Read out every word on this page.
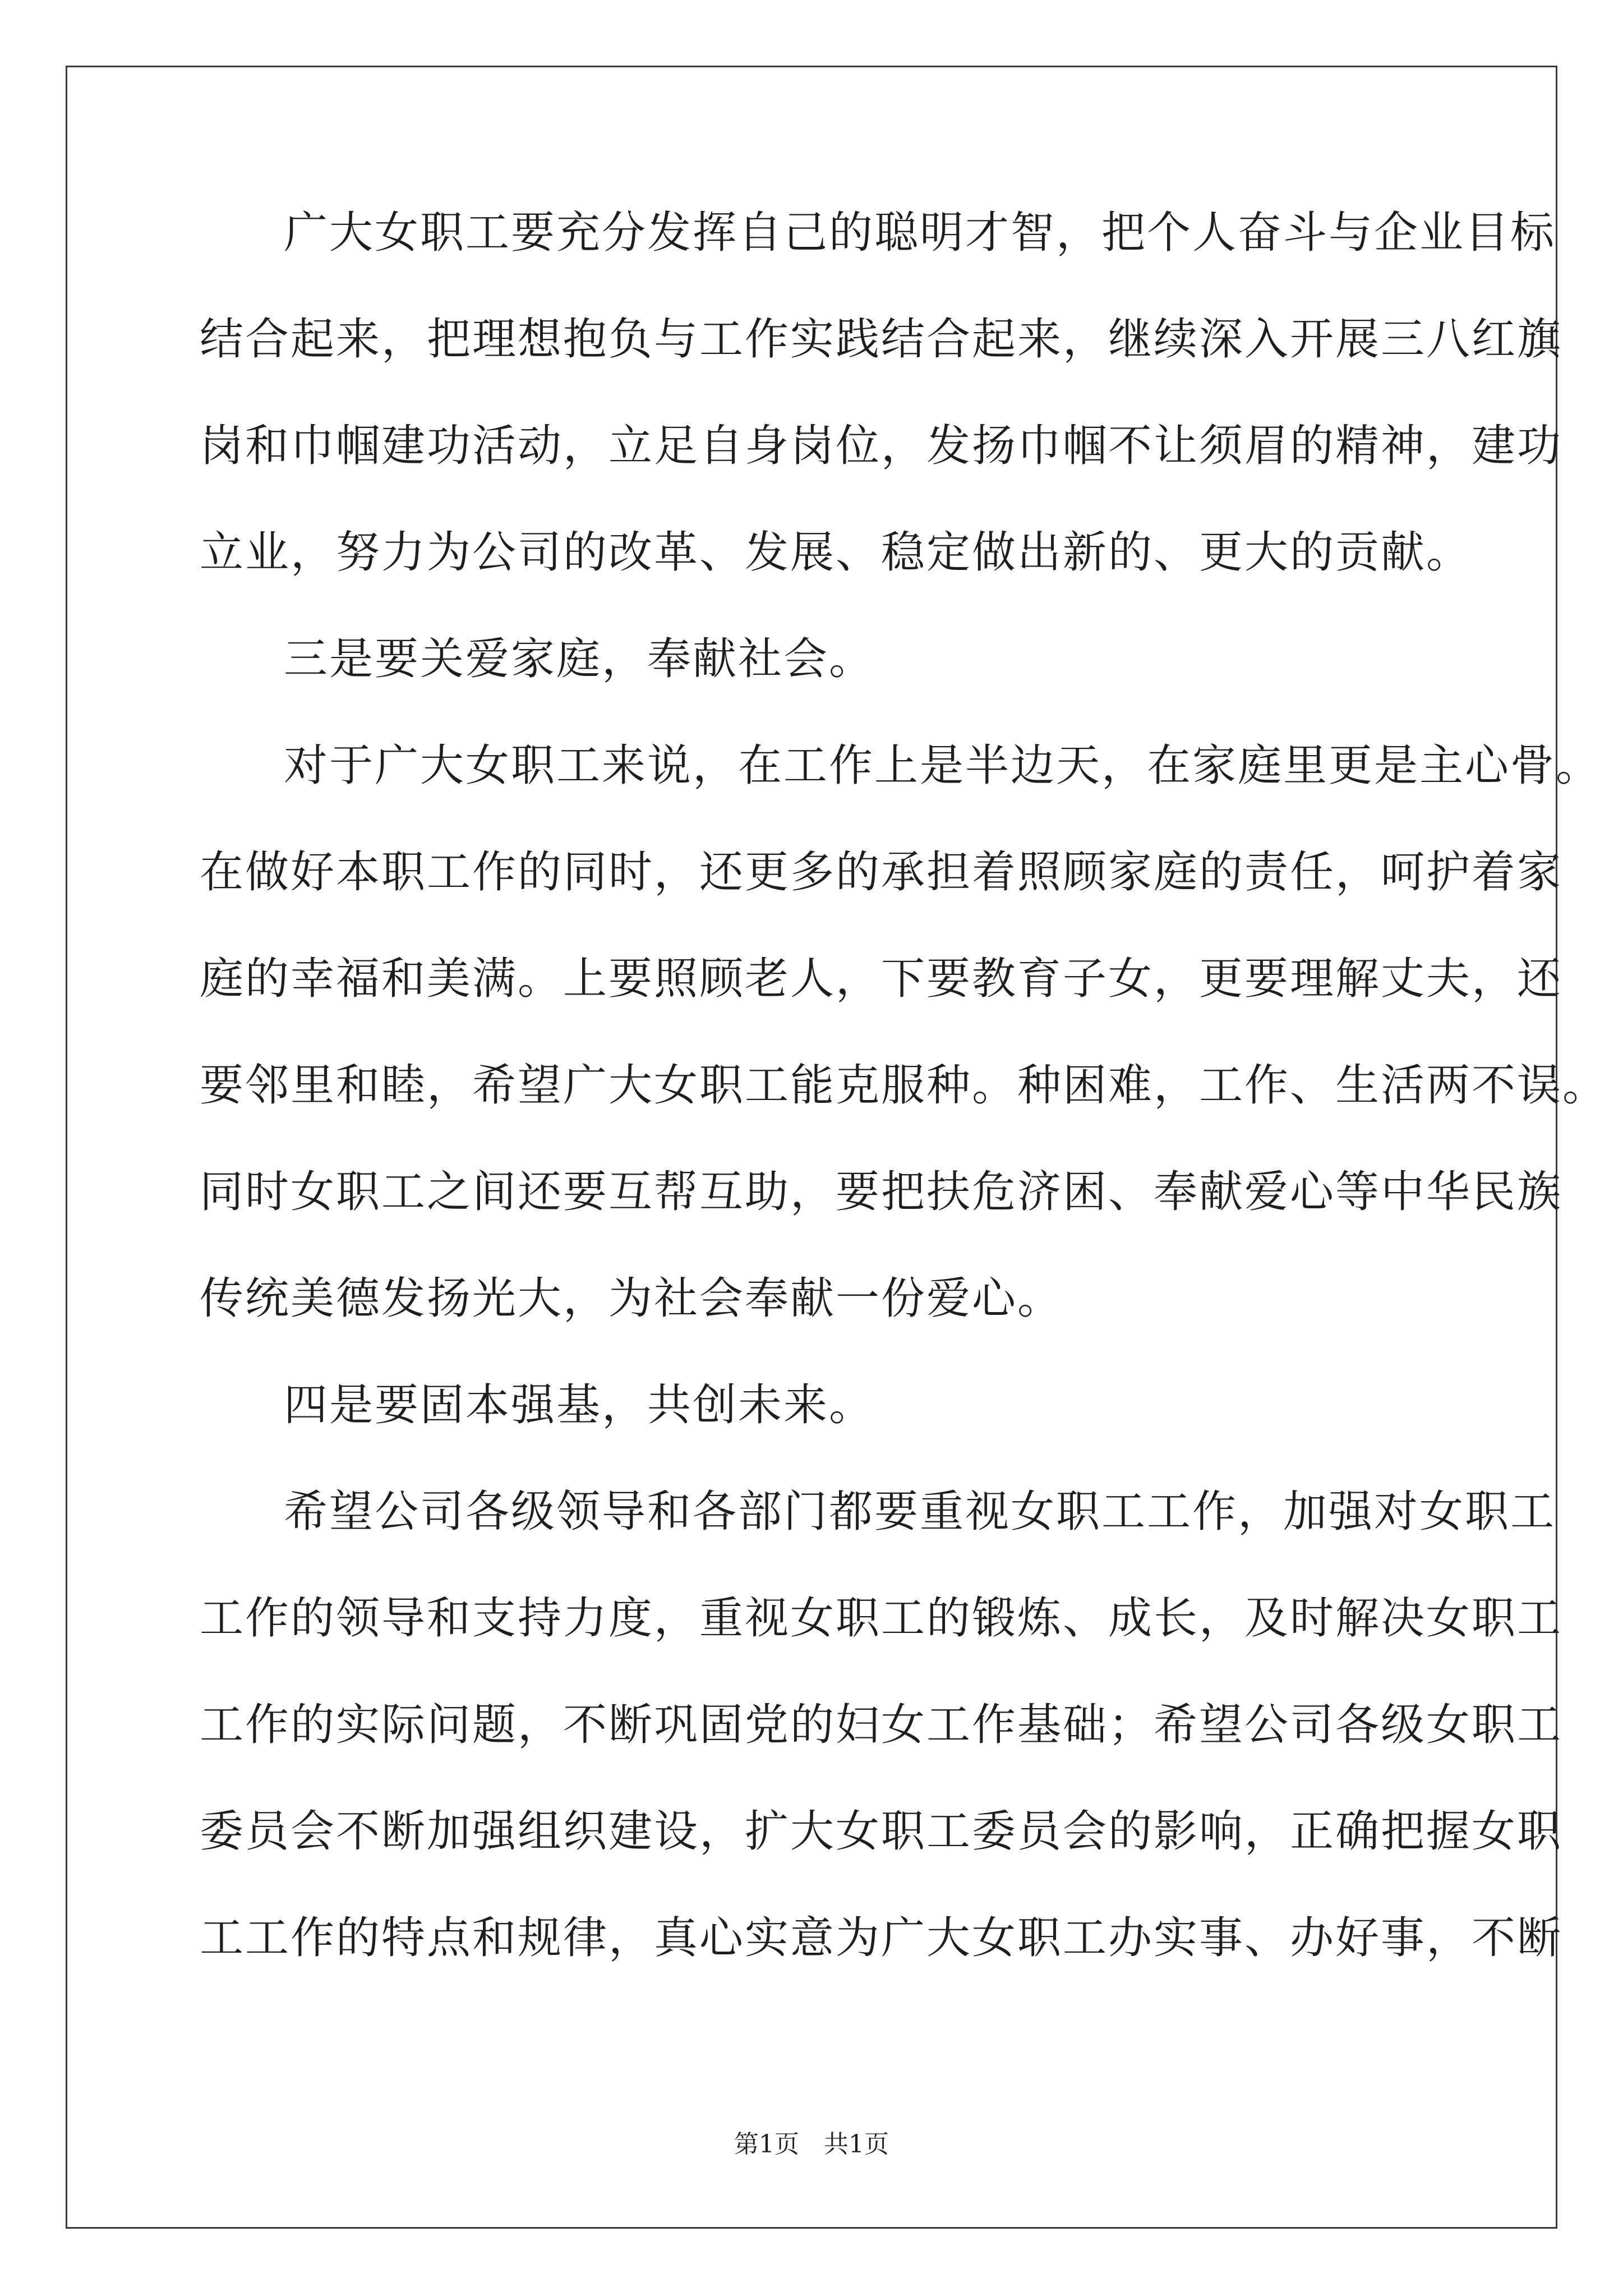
广大女职工要充分发挥自己的聪明才智，把个人奋斗与企业目标
结合起来，把理想抱负与工作实践结合起来，继续深入开展三八红旗
岗和巾帼建功活动，立足自身岗位，发扬巾帼不让须眉的精神，建功
立业，努力为公司的改革、发展、稳定做出新的、更大的贡献。
三是要关爱家庭，奉献社会。
对于广大女职工来说，在工作上是半边天，在家庭里更是主心骨。
在做好本职工作的同时，还更多的承担着照顾家庭的责任，呵护着家
庭的幸福和美满。上要照顾老人，下要教育子女，更要理解丈夫，还
要邻里和睦，希望广大女职工能克服种。种困难，工作、生活两不误。
同时女职工之间还要互帮互助，要把扶危济困、奉献爱心等中华民族
传统美德发扬光大，为社会奉献一份爱心。
四是要固本强基，共创未来。
希望公司各级领导和各部门都要重视女职工工作，加强对女职工
工作的领导和支持力度，重视女职工的锻炼、成长，及时解决女职工
工作的实际问题，不断巩固党的妇女工作基础；希望公司各级女职工
委员会不断加强组织建设，扩大女职工委员会的影响，正确把握女职
工工作的特点和规律，真心实意为广大女职工办实事、办好事，不断
第1页 共1页
